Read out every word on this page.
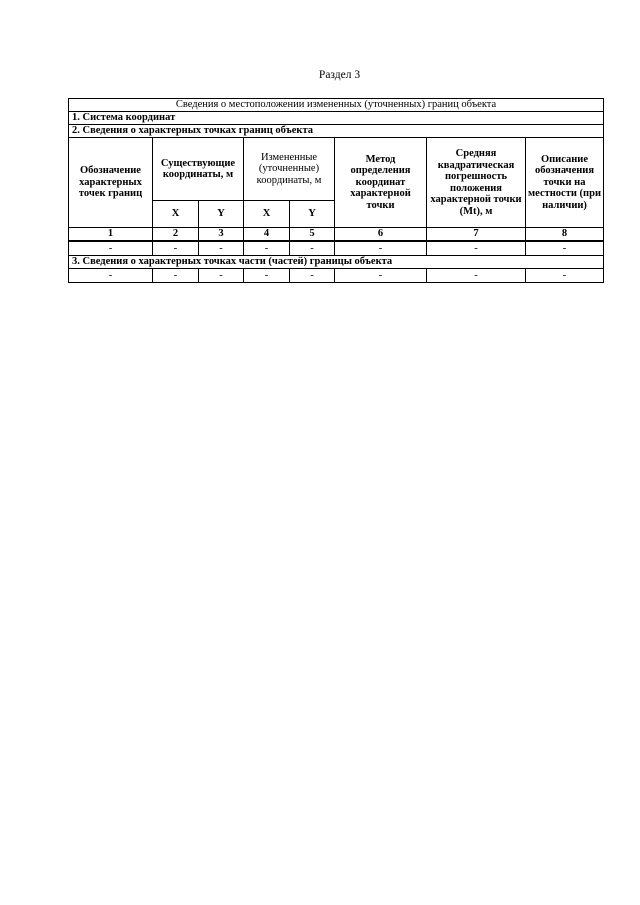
Раздел 3
Сведения о местоположении измененных (уточненных) границ объекта							
1. Система координат							
2. Сведения о характерных точках границ объекта							

Обозначение характерных точек границ	Существующие координаты, м		Измененные (уточненные) координаты, м		Метод определения координат характерной точки	Средняя квадратическая погрешность положения характерной точки (Mt), м	Описание обозначения точки на местности (при наличии)

	X	Y	X	Y			
1	2	3	4	5	6	7	8
-	-	-	-	-	-	-	-
3. Сведения о характерных точках части (частей) границы объекта							
-	-	-	-	-	-	-	-
